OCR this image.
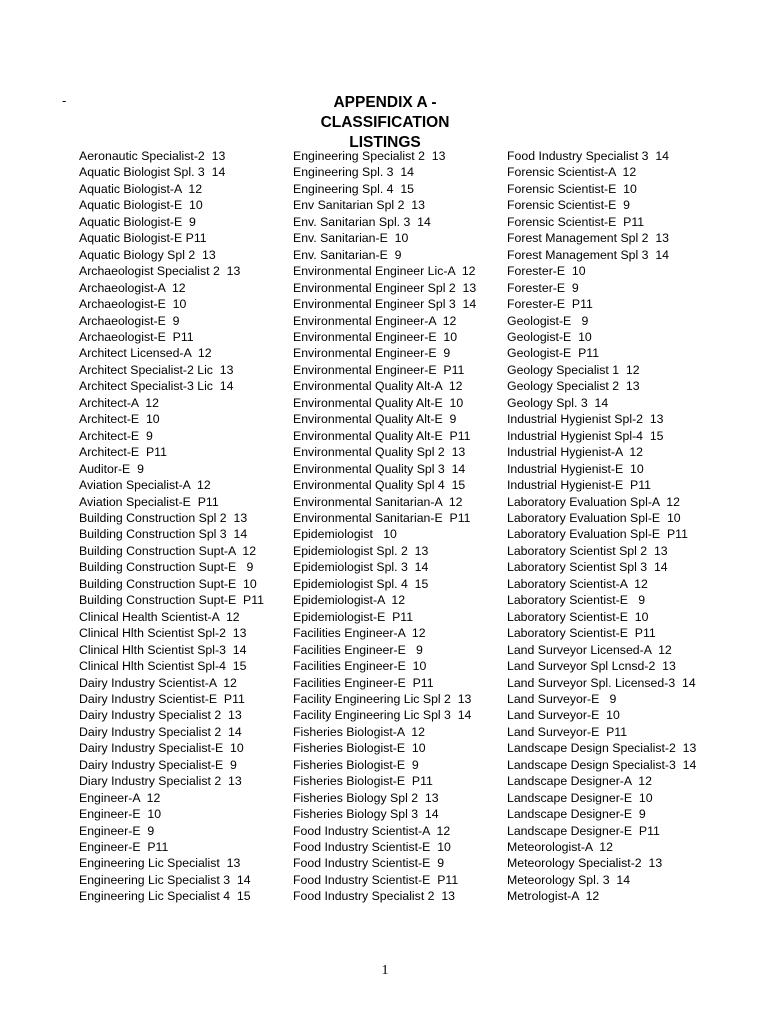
-	APPENDIX A -
CLASSIFICATION
LISTINGS
Aeronautic Specialist-2  13
Aquatic Biologist Spl. 3  14
Aquatic Biologist-A  12
Aquatic Biologist-E  10
Aquatic Biologist-E  9
Aquatic Biologist-E P11
Aquatic Biology Spl 2  13
Archaeologist Specialist 2  13
Archaeologist-A  12
Archaeologist-E  10
Archaeologist-E  9
Archaeologist-E  P11
Architect Licensed-A  12
Architect Specialist-2 Lic  13
Architect Specialist-3 Lic  14
Architect-A  12
Architect-E  10
Architect-E  9
Architect-E  P11
Auditor-E  9
Aviation Specialist-A  12
Aviation Specialist-E  P11
Building Construction Spl 2  13
Building Construction Spl 3  14
Building Construction Supt-A  12
Building Construction Supt-E   9
Building Construction Supt-E  10
Building Construction Supt-E  P11
Clinical Health Scientist-A  12
Clinical Hlth Scientist Spl-2  13
Clinical Hlth Scientist Spl-3  14
Clinical Hlth Scientist Spl-4  15
Dairy Industry Scientist-A  12
Dairy Industry Scientist-E  P11
Dairy Industry Specialist 2  13
Dairy Industry Specialist 2  14
Dairy Industry Specialist-E  10
Dairy Industry Specialist-E  9
Diary Industry Specialist 2  13
Engineer-A  12
Engineer-E  10
Engineer-E  9
Engineer-E  P11
Engineering Lic Specialist  13
Engineering Lic Specialist 3  14
Engineering Lic Specialist 4  15
Engineering Specialist 2  13
Engineering Spl. 3  14
Engineering Spl. 4  15
Env Sanitarian Spl 2  13
Env. Sanitarian Spl. 3  14
Env. Sanitarian-E  10
Env. Sanitarian-E  9
Environmental Engineer Lic-A  12
Environmental Engineer Spl 2  13
Environmental Engineer Spl 3  14
Environmental Engineer-A  12
Environmental Engineer-E  10
Environmental Engineer-E  9
Environmental Engineer-E  P11
Environmental Quality Alt-A  12
Environmental Quality Alt-E  10
Environmental Quality Alt-E  9
Environmental Quality Alt-E  P11
Environmental Quality Spl 2  13
Environmental Quality Spl 3  14
Environmental Quality Spl 4  15
Environmental Sanitarian-A  12
Environmental Sanitarian-E  P11
Epidemiologist   10
Epidemiologist Spl. 2  13
Epidemiologist Spl. 3  14
Epidemiologist Spl. 4  15
Epidemiologist-A  12
Epidemiologist-E  P11
Facilities Engineer-A  12
Facilities Engineer-E   9
Facilities Engineer-E  10
Facilities Engineer-E  P11
Facility Engineering Lic Spl 2  13
Facility Engineering Lic Spl 3  14
Fisheries Biologist-A  12
Fisheries Biologist-E  10
Fisheries Biologist-E  9
Fisheries Biologist-E  P11
Fisheries Biology Spl 2  13
Fisheries Biology Spl 3  14
Food Industry Scientist-A  12
Food Industry Scientist-E  10
Food Industry Scientist-E  9
Food Industry Scientist-E  P11
Food Industry Specialist 2  13
Food Industry Specialist 3  14
Forensic Scientist-A  12
Forensic Scientist-E  10
Forensic Scientist-E  9
Forensic Scientist-E  P11
Forest Management Spl 2  13
Forest Management Spl 3  14
Forester-E  10
Forester-E  9
Forester-E  P11
Geologist-E   9
Geologist-E  10
Geologist-E  P11
Geology Specialist 1  12
Geology Specialist 2  13
Geology Spl. 3  14
Industrial Hygienist Spl-2  13
Industrial Hygienist Spl-4  15
Industrial Hygienist-A  12
Industrial Hygienist-E  10
Industrial Hygienist-E  P11
Laboratory Evaluation Spl-A  12
Laboratory Evaluation Spl-E  10
Laboratory Evaluation Spl-E  P11
Laboratory Scientist Spl 2  13
Laboratory Scientist Spl 3  14
Laboratory Scientist-A  12
Laboratory Scientist-E   9
Laboratory Scientist-E  10
Laboratory Scientist-E  P11
Land Surveyor Licensed-A  12
Land Surveyor Spl Lcnsd-2  13
Land Surveyor Spl. Licensed-3  14
Land Surveyor-E   9
Land Surveyor-E  10
Land Surveyor-E  P11
Landscape Design Specialist-2  13
Landscape Design Specialist-3  14
Landscape Designer-A  12
Landscape Designer-E  10
Landscape Designer-E  9
Landscape Designer-E  P11
Meteorologist-A  12
Meteorology Specialist-2  13
Meteorology Spl. 3  14
Metrologist-A  12
1
